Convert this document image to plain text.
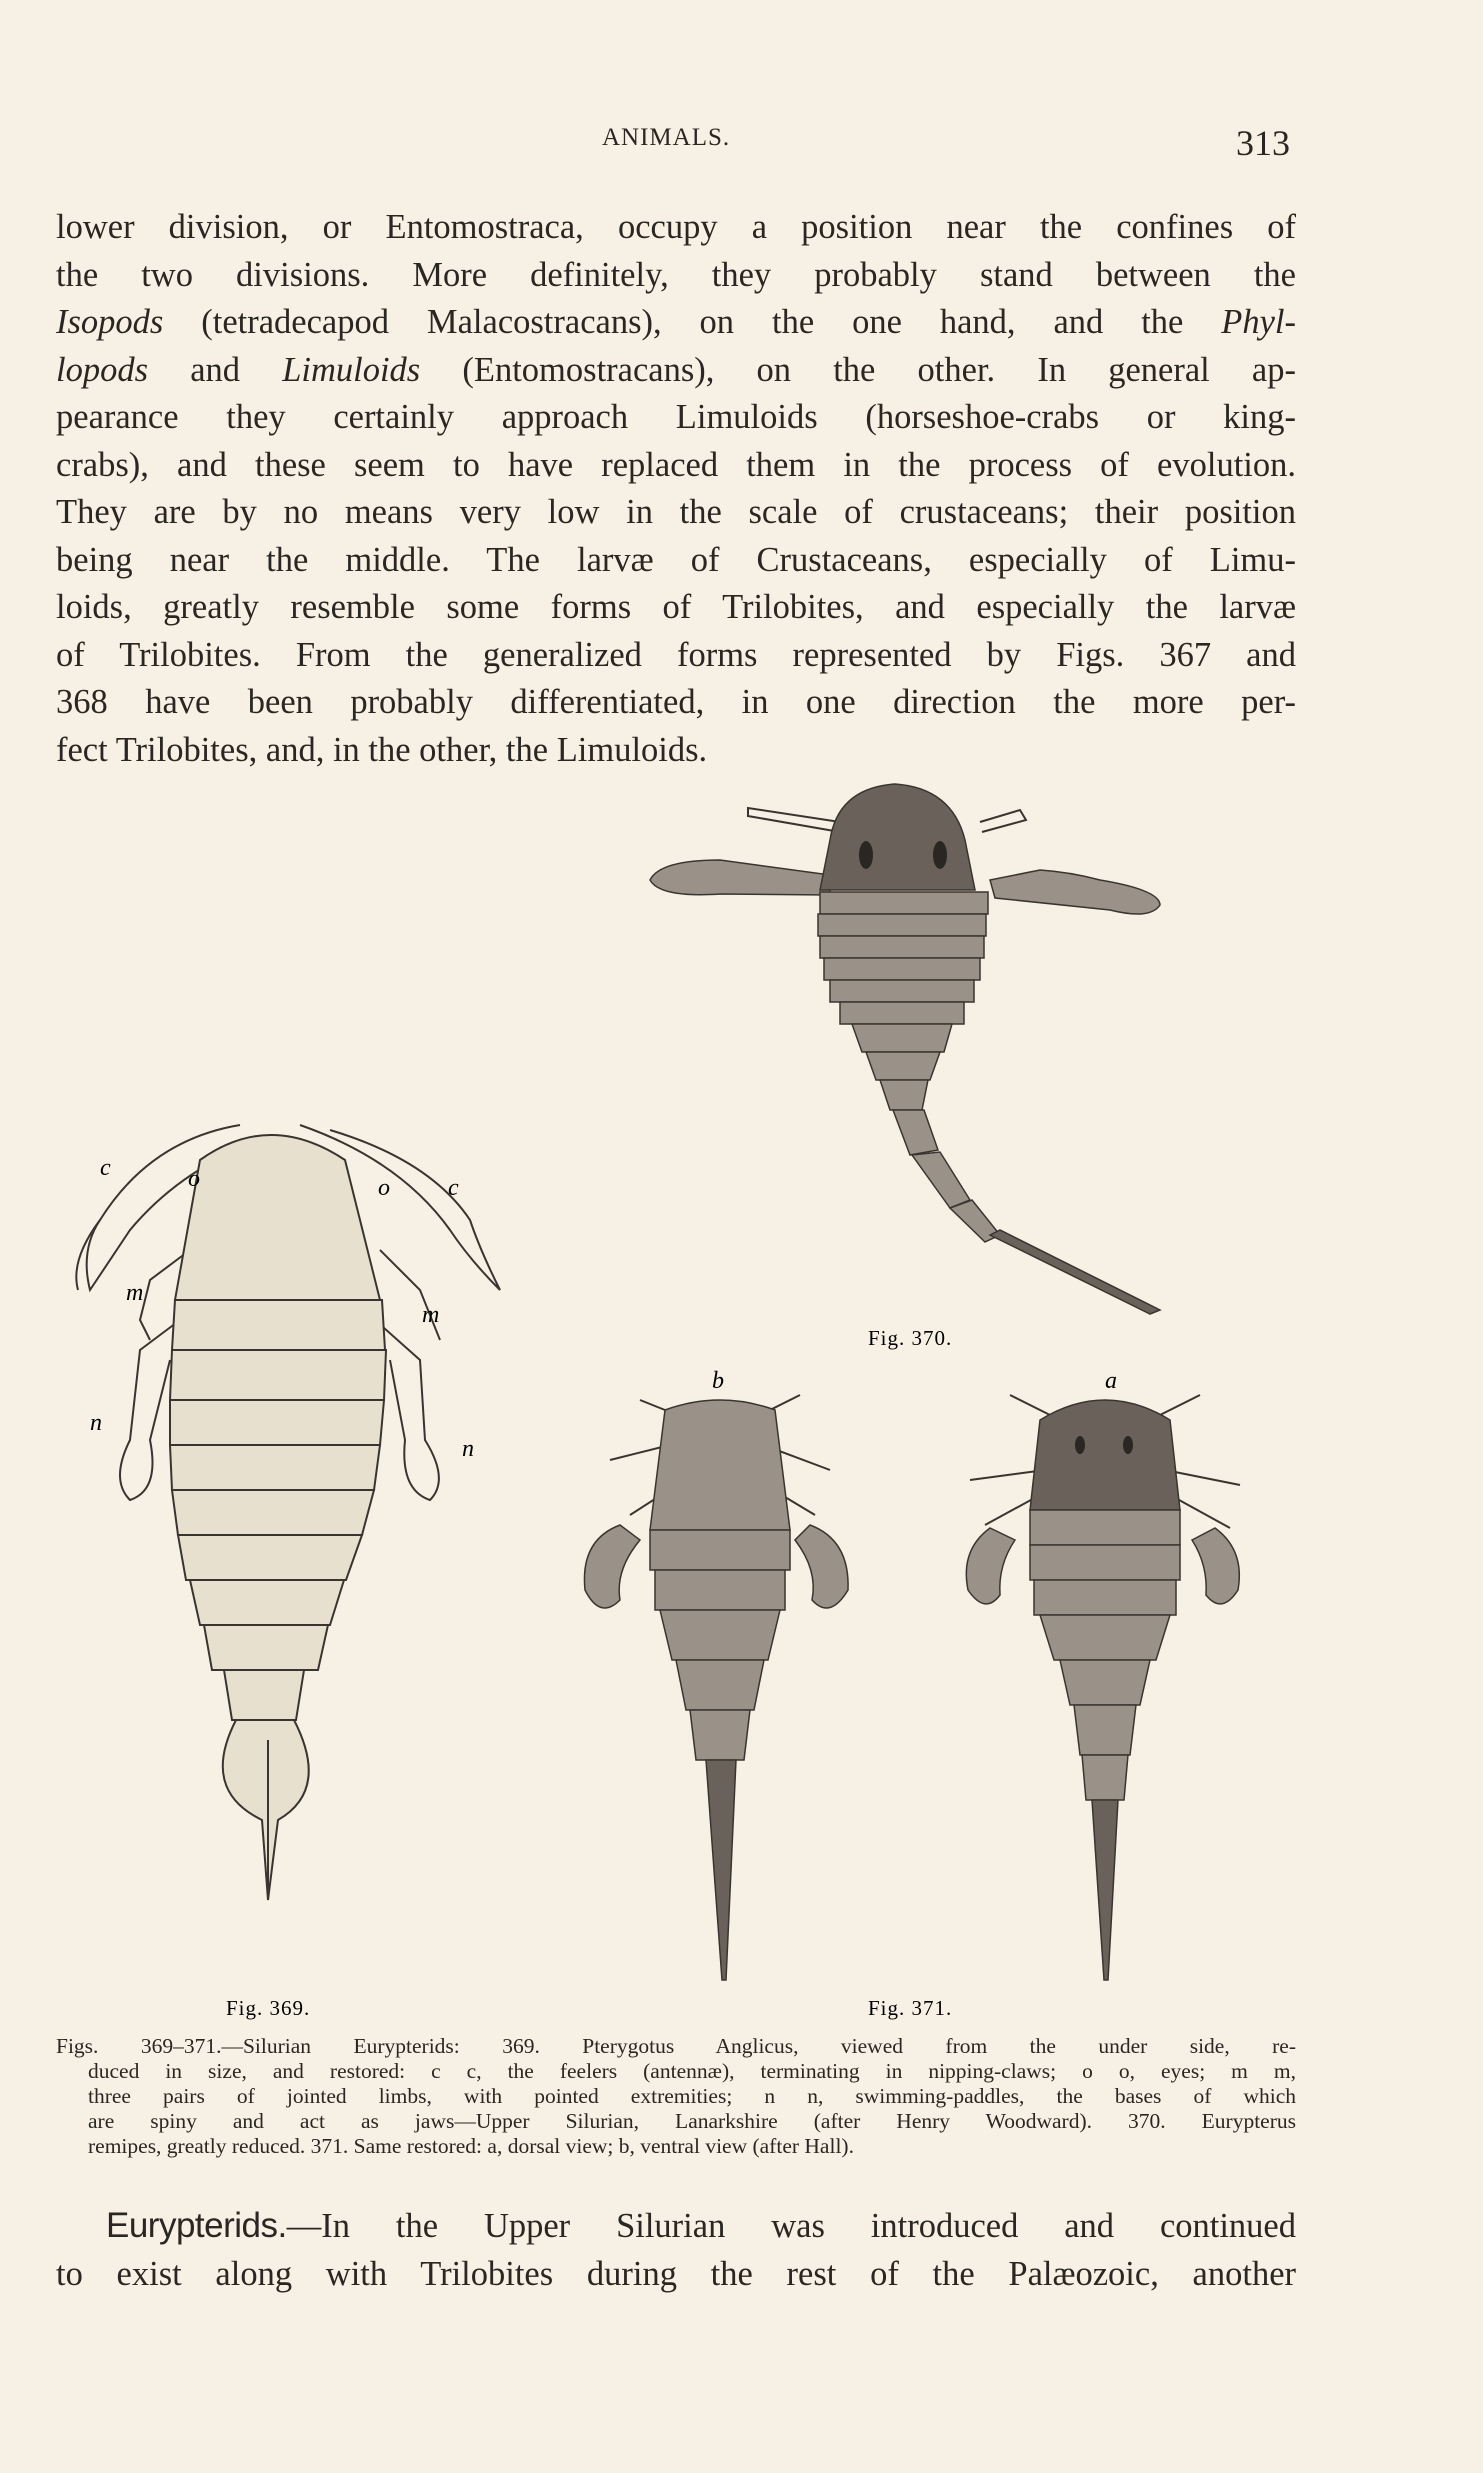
ANIMALS.	313
lower division, or Entomostraca, occupy a position near the confines of
the two divisions. More definitely, they probably stand between the
Isopods (tetradecapod Malacostracans), on the one hand, and the Phyl-
lopods and Limuloids (Entomostracans), on the other. In general ap-
pearance they certainly approach Limuloids (horseshoe-crabs or king-
crabs), and these seem to have replaced them in the process of evolution.
They are by no means very low in the scale of crustaceans; their position
being near the middle. The larvæ of Crustaceans, especially of Limu-
loids, greatly resemble some forms of Trilobites, and especially the larvæ
of Trilobites. From the generalized forms represented by Figs. 367 and
368 have been probably differentiated, in one direction the more per-
fect Trilobites, and, in the other, the Limuloids.
Fig. 370.
c	o	o c
m
m
n
n
Fig. 369.
b	a
Fig. 371.
Figs. 369–371.—Silurian Eurypterids: 369. Pterygotus Anglicus, viewed from the under side, re-
duced in size, and restored: c c, the feelers (antennæ), terminating in nipping-claws; o o, eyes; m m,
three pairs of jointed limbs, with pointed extremities; n n, swimming-paddles, the bases of which
are spiny and act as jaws—Upper Silurian, Lanarkshire (after Henry Woodward). 370. Eurypterus
remipes, greatly reduced. 371. Same restored: a, dorsal view; b, ventral view (after Hall).
Eurypterids.—In the Upper Silurian was introduced and continued
to exist along with Trilobites during the rest of the Palæozoic, another
